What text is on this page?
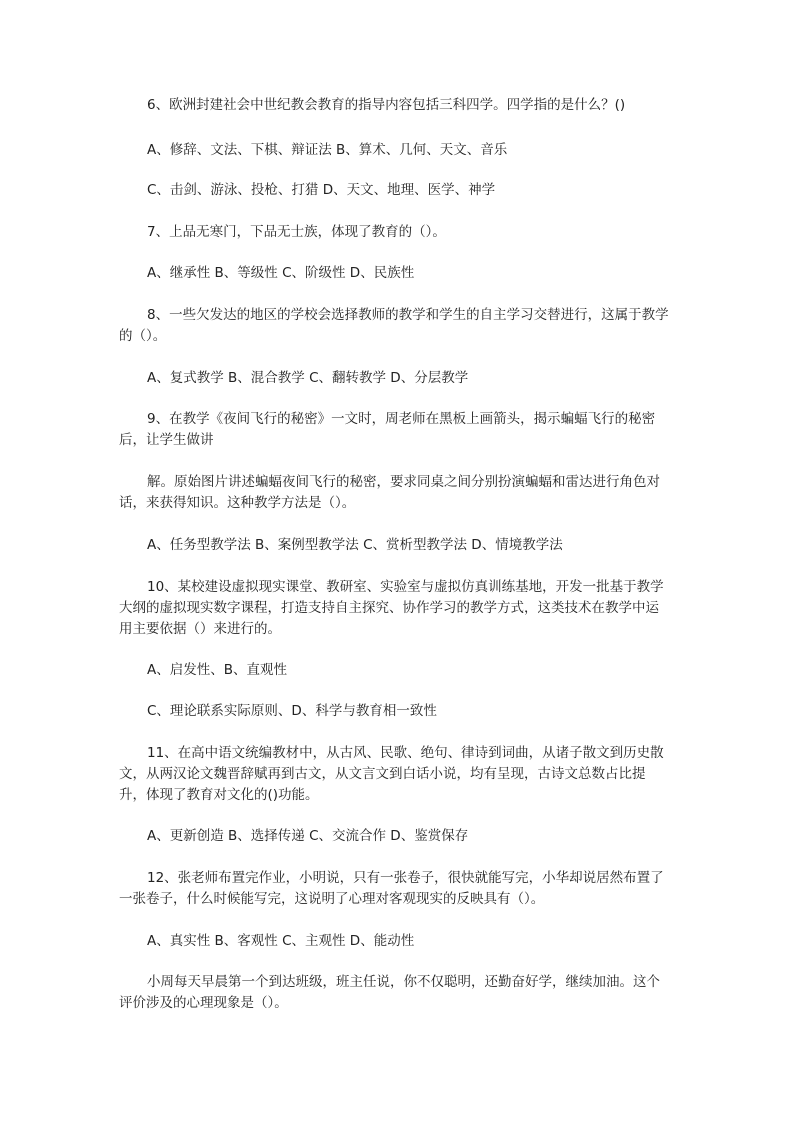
6、欧洲封建社会中世纪教会教育的指导内容包括三科四学。四学指的是什么？()

A、修辞、文法、下棋、辩证法 B、算术、几何、天文、音乐

C、击剑、游泳、投枪、打猎 D、天文、地理、医学、神学

7、上品无寒门，下品无士族，体现了教育的（）。

A、继承性 B、等级性 C、阶级性 D、民族性

8、一些欠发达的地区的学校会选择教师的教学和学生的自主学习交替进行，这属于教学的（）。

A、复式教学 B、混合教学 C、翻转教学 D、分层教学

9、在教学《夜间飞行的秘密》一文时，周老师在黑板上画箭头，揭示蝙蝠飞行的秘密后，让学生做讲

解。原始图片讲述蝙蝠夜间飞行的秘密，要求同桌之间分别扮演蝙蝠和雷达进行角色对话，来获得知识。这种教学方法是（）。

A、任务型教学法 B、案例型教学法 C、赏析型教学法 D、情境教学法

10、某校建设虚拟现实课堂、教研室、实验室与虚拟仿真训练基地，开发一批基于教学大纲的虚拟现实数字课程，打造支持自主探究、协作学习的教学方式，这类技术在教学中运用主要依据（）来进行的。

A、启发性、B、直观性

C、理论联系实际原则、D、科学与教育相一致性

11、在高中语文统编教材中，从古风、民歌、绝句、律诗到词曲，从诸子散文到历史散文，从两汉论文魏晋辞赋再到古文，从文言文到白话小说，均有呈现，古诗文总数占比提升，体现了教育对文化的()功能。

A、更新创造 B、选择传递 C、交流合作 D、鉴赏保存

12、张老师布置完作业，小明说，只有一张卷子，很快就能写完，小华却说居然布置了一张卷子，什么时候能写完，这说明了心理对客观现实的反映具有（）。

A、真实性 B、客观性 C、主观性 D、能动性

小周每天早晨第一个到达班级，班主任说，你不仅聪明，还勤奋好学，继续加油。这个评价涉及的心理现象是（）。
